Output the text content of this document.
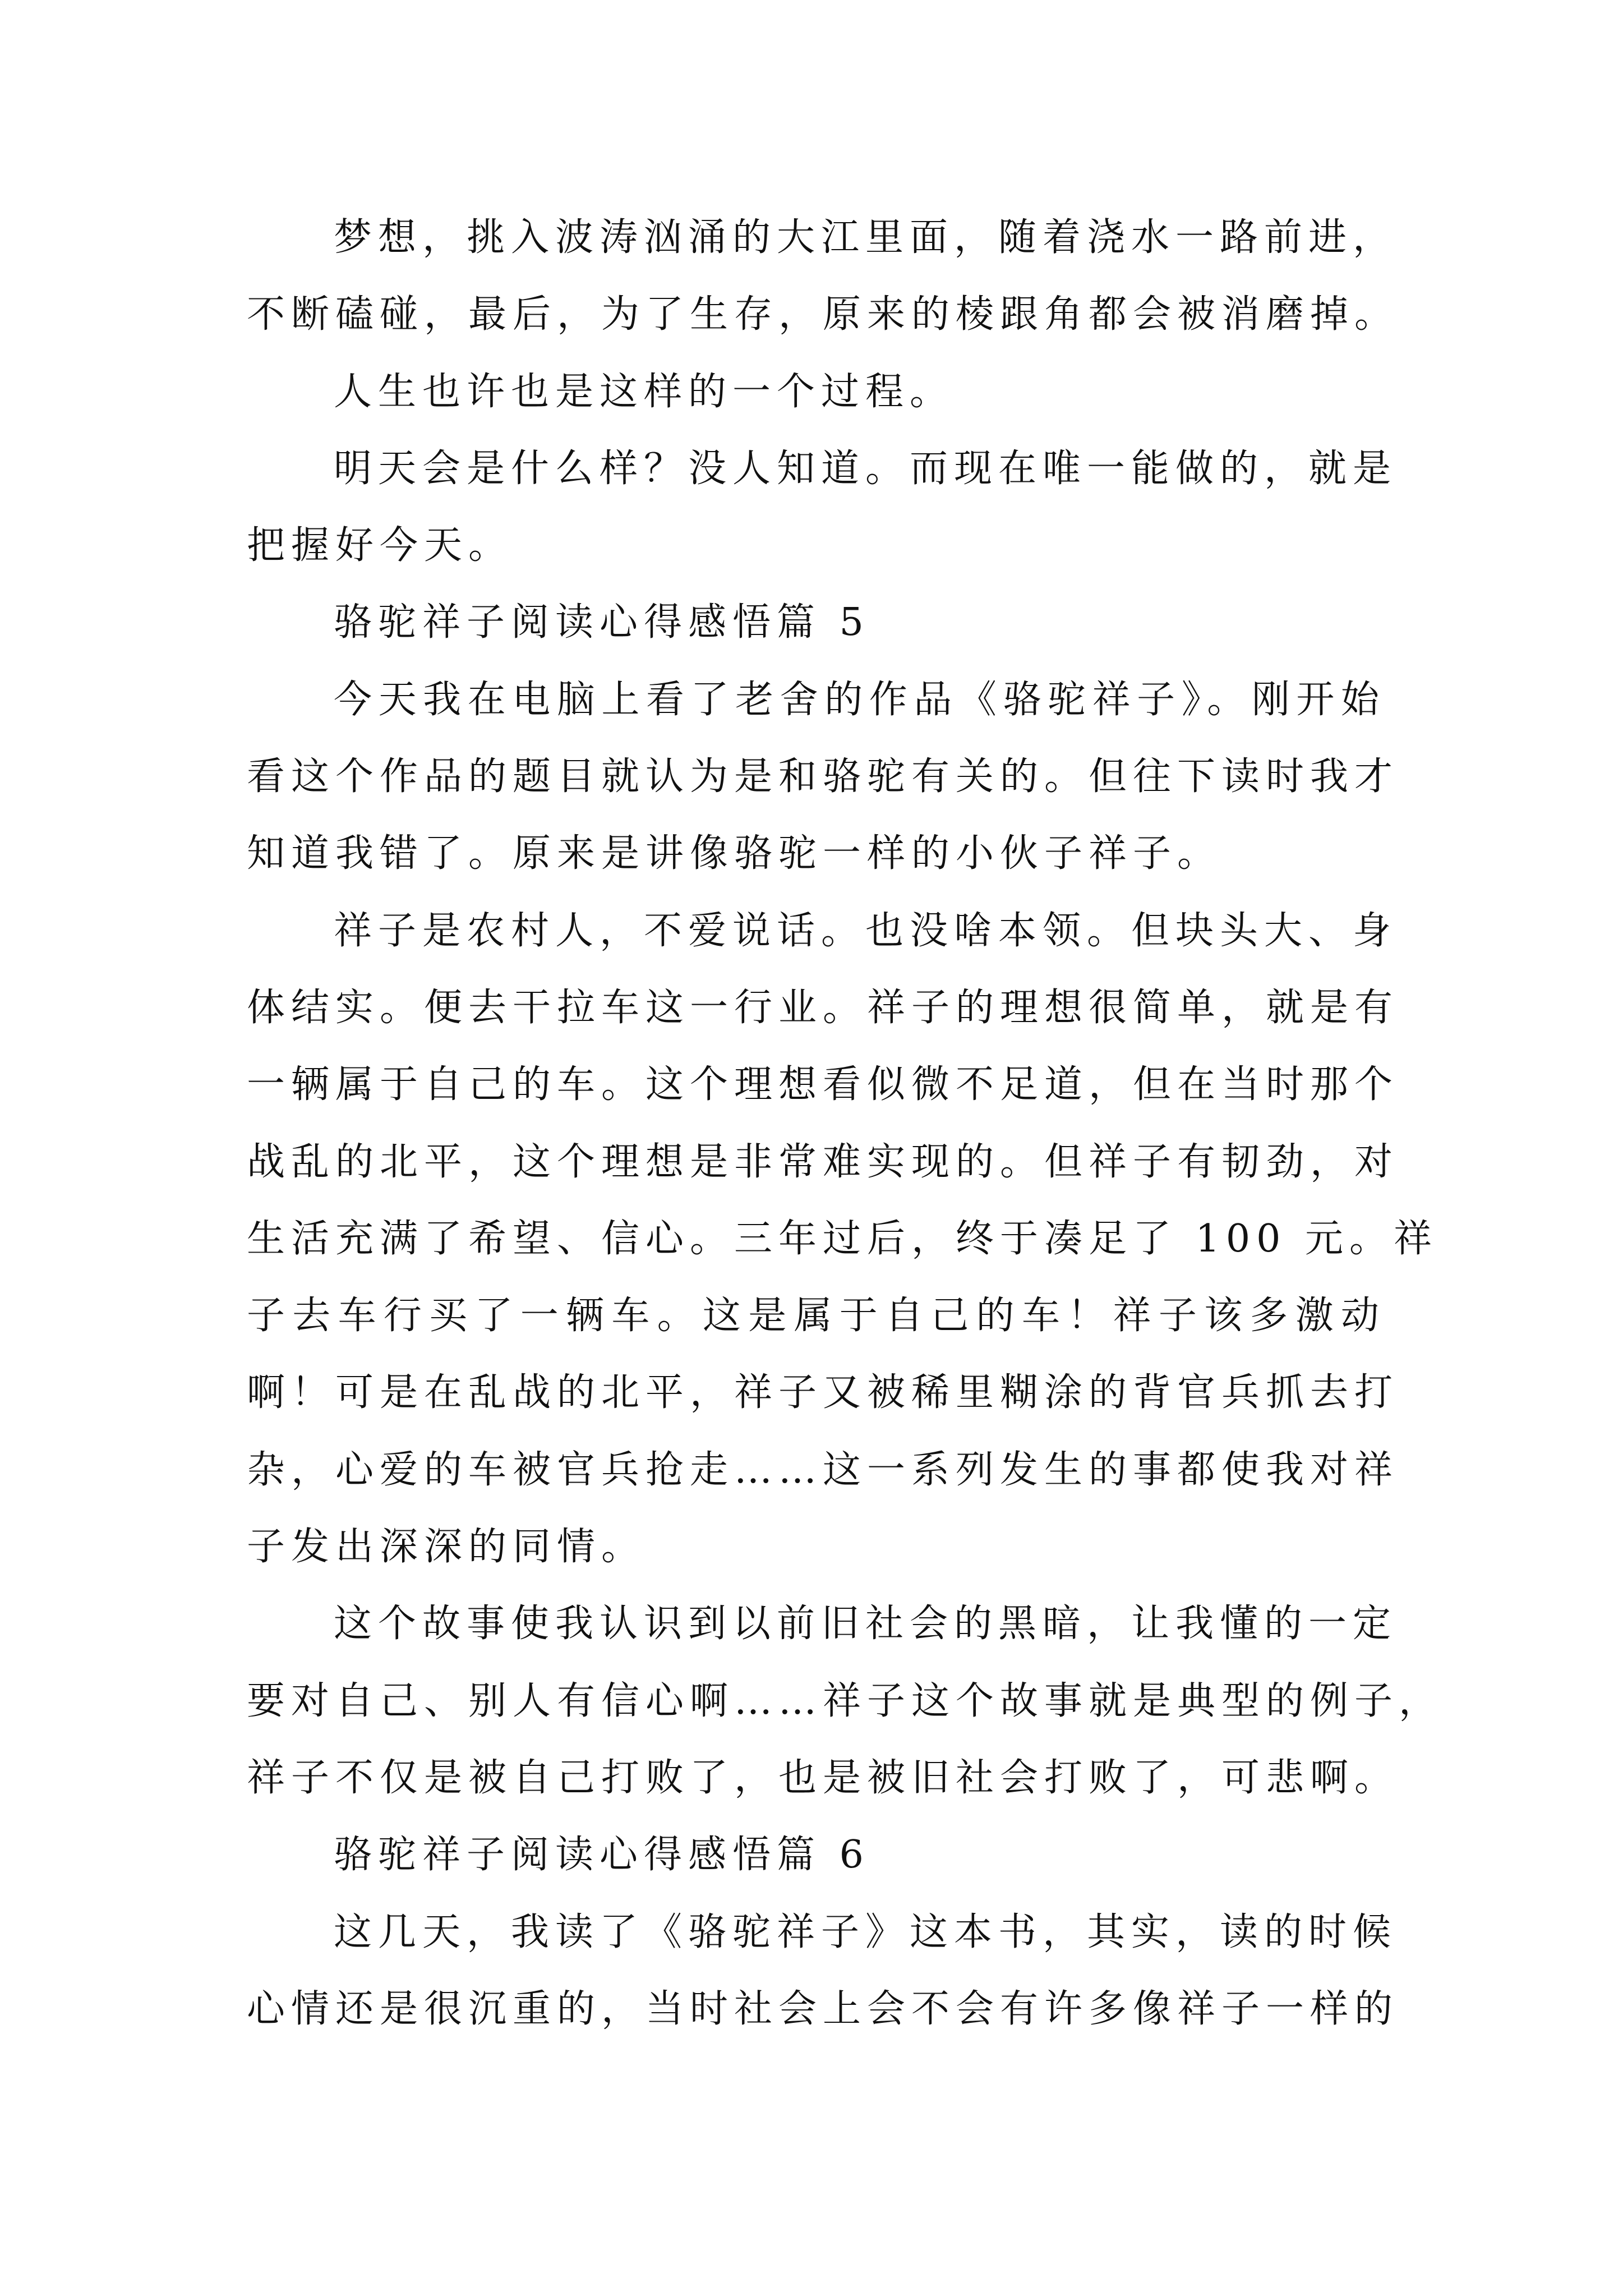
梦想，挑入波涛汹涌的大江里面，随着浇水一路前进，
不断磕碰，最后，为了生存，原来的棱跟角都会被消磨掉。
人生也许也是这样的一个过程。
明天会是什么样？没人知道。而现在唯一能做的，就是
把握好今天。
骆驼祥子阅读心得感悟篇 5
今天我在电脑上看了老舍的作品《骆驼祥子》。刚开始
看这个作品的题目就认为是和骆驼有关的。但往下读时我才
知道我错了。原来是讲像骆驼一样的小伙子祥子。
祥子是农村人，不爱说话。也没啥本领。但块头大、身
体结实。便去干拉车这一行业。祥子的理想很简单，就是有
一辆属于自己的车。这个理想看似微不足道，但在当时那个
战乱的北平，这个理想是非常难实现的。但祥子有韧劲，对
生活充满了希望、信心。三年过后，终于凑足了 100 元。祥
子去车行买了一辆车。这是属于自己的车！祥子该多激动
啊！可是在乱战的北平，祥子又被稀里糊涂的背官兵抓去打
杂，心爱的车被官兵抢走……这一系列发生的事都使我对祥
子发出深深的同情。
这个故事使我认识到以前旧社会的黑暗，让我懂的一定
要对自己、别人有信心啊……祥子这个故事就是典型的例子，
祥子不仅是被自己打败了，也是被旧社会打败了，可悲啊。
骆驼祥子阅读心得感悟篇 6
这几天，我读了《骆驼祥子》这本书，其实，读的时候
心情还是很沉重的，当时社会上会不会有许多像祥子一样的
